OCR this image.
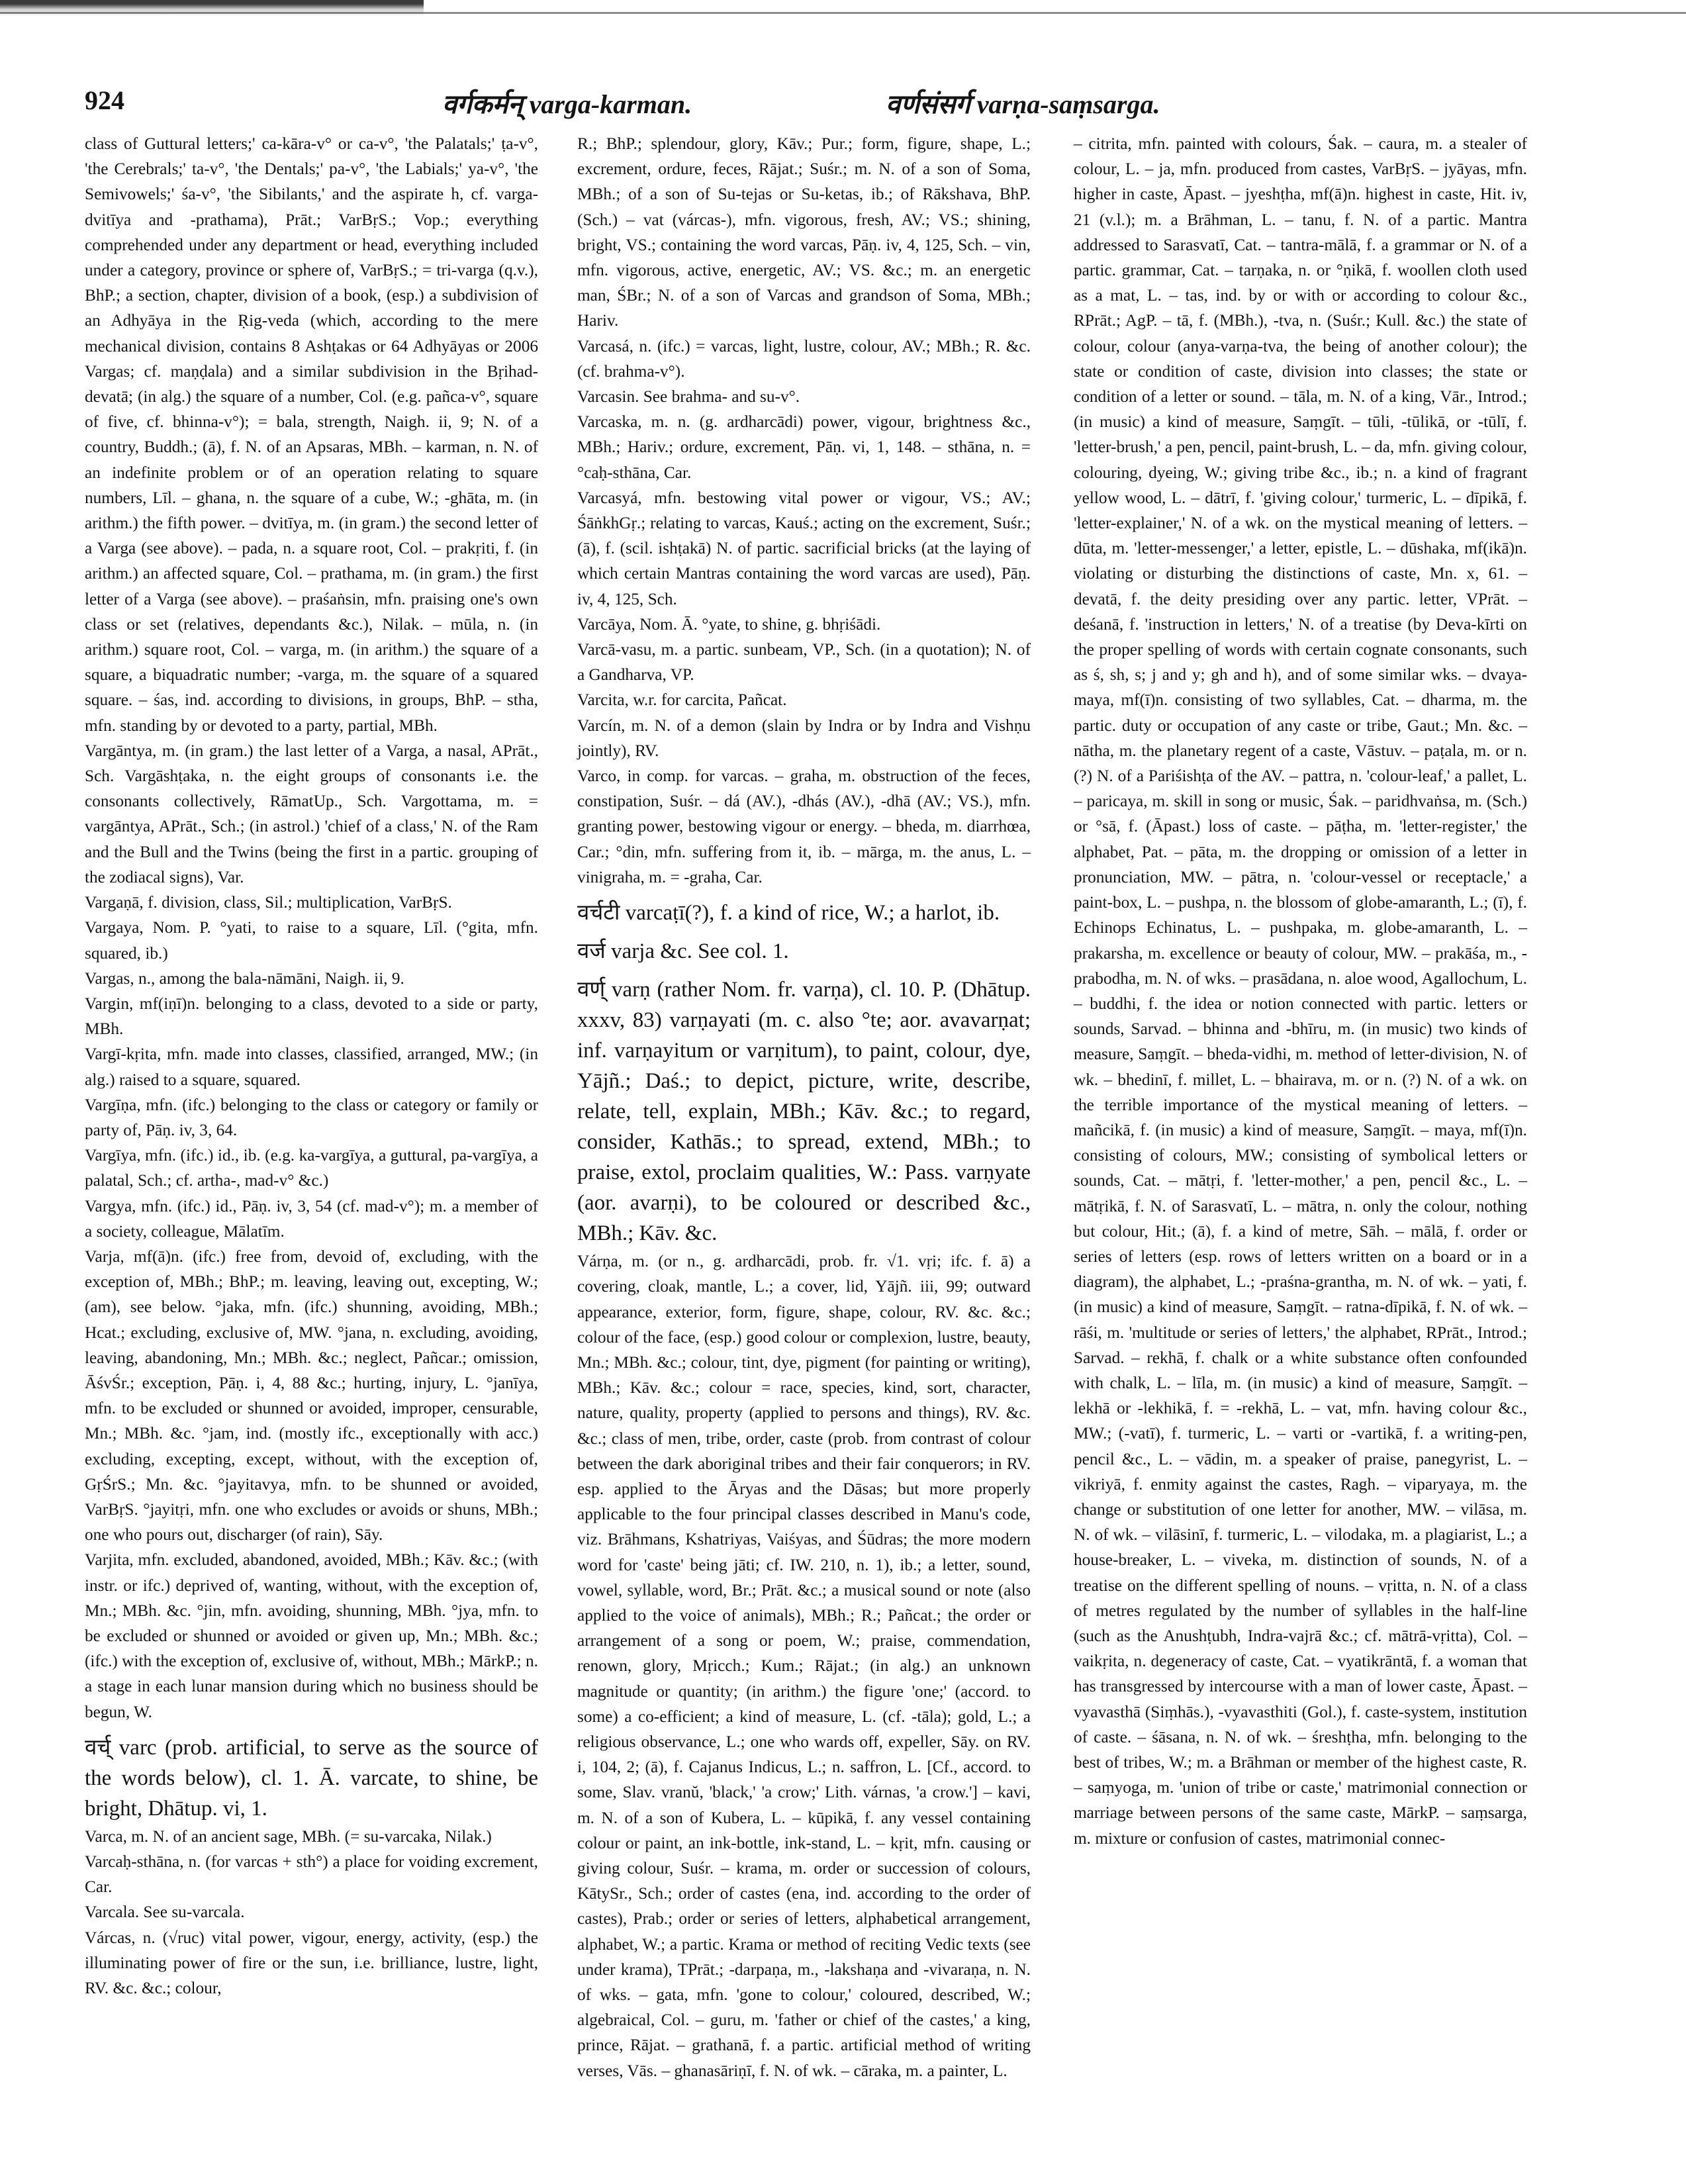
924	वर्गकर्मन् varga-karman.	वर्णसंसर्ग varṇa-saṃsarga.

class of Guttural letters;' ca-kāra-v° or ca-v°, 'the Palatals;' ṭa-v°, 'the Cerebrals;' ta-v°, 'the Dentals;' pa-v°, 'the Labials;' ya-v°, 'the Semivowels;' śa-v°, 'the Sibilants,' and the aspirate h, cf. varga-dvitīya and -prathama), Prāt.; VarBṛS.; Vop.; everything comprehended under any department or head, everything included under a category, province or sphere of, VarBṛS.; = tri-varga (q.v.), BhP.; a section, chapter, division of a book, (esp.) a subdivision of an Adhyāya in the Ṛig-veda (which, according to the mere mechanical division, contains 8 Ashṭakas or 64 Adhyāyas or 2006 Vargas; cf. maṇḍala) and a similar subdivision in the Bṛihad-devatā; (in alg.) the square of a number, Col. (e.g. pañca-v°, square of five, cf. bhinna-v°); = bala, strength, Naigh. ii, 9; N. of a country, Buddh.; (ā), f. N. of an Apsaras, MBh. – karman, n. N. of an indefinite problem or of an operation relating to square numbers, Līl. – ghana, n. the square of a cube, W.; -ghāta, m. (in arithm.) the fifth power. – dvitīya, m. (in gram.) the second letter of a Varga (see above). – pada, n. a square root, Col. – prakṛiti, f. (in arithm.) an affected square, Col. – prathama, m. (in gram.) the first letter of a Varga (see above). – praśaṅsin, mfn. praising one's own class or set (relatives, dependants &c.), Nilak. – mūla, n. (in arithm.) square root, Col. – varga, m. (in arithm.) the square of a square, a biquadratic number; -varga, m. the square of a squared square. – śas, ind. according to divisions, in groups, BhP. – stha, mfn. standing by or devoted to a party, partial, MBh.

Vargāntya, m. (in gram.) the last letter of a Varga, a nasal, APrāt., Sch. Vargāshṭaka, n. the eight groups of consonants i.e. the consonants collectively, RāmatUp., Sch. Vargottama, m. = vargāntya, APrāt., Sch.; (in astrol.) 'chief of a class,' N. of the Ram and the Bull and the Twins (being the first in a partic. grouping of the zodiacal signs), Var.

Vargaṇā, f. division, class, Sil.; multiplication, VarBṛS.

Vargaya, Nom. P. °yati, to raise to a square, Līl. (°gita, mfn. squared, ib.)

Vargas, n., among the bala-nāmāni, Naigh. ii, 9.

Vargin, mf(iṇī)n. belonging to a class, devoted to a side or party, MBh.

Vargī-kṛita, mfn. made into classes, classified, arranged, MW.; (in alg.) raised to a square, squared.

Vargīṇa, mfn. (ifc.) belonging to the class or category or family or party of, Pāṇ. iv, 3, 64.

Vargīya, mfn. (ifc.) id., ib. (e.g. ka-vargīya, a guttural, pa-vargīya, a palatal, Sch.; cf. artha-, mad-v° &c.)

Vargya, mfn. (ifc.) id., Pāṇ. iv, 3, 54 (cf. mad-v°); m. a member of a society, colleague, Mālatīm.

Varja, mf(ā)n. (ifc.) free from, devoid of, excluding, with the exception of, MBh.; BhP.; m. leaving, leaving out, excepting, W.; (am), see below. °jaka, mfn. (ifc.) shunning, avoiding, MBh.; Hcat.; excluding, exclusive of, MW. °jana, n. excluding, avoiding, leaving, abandoning, Mn.; MBh. &c.; neglect, Pañcar.; omission, ĀśvŚr.; exception, Pāṇ. i, 4, 88 &c.; hurting, injury, L. °janīya, mfn. to be excluded or shunned or avoided, improper, censurable, Mn.; MBh. &c. °jam, ind. (mostly ifc., exceptionally with acc.) excluding, excepting, except, without, with the exception of, GṛŚrS.; Mn. &c. °jayitavya, mfn. to be shunned or avoided, VarBṛS. °jayitṛi, mfn. one who excludes or avoids or shuns, MBh.; one who pours out, discharger (of rain), Sāy.

Varjita, mfn. excluded, abandoned, avoided, MBh.; Kāv. &c.; (with instr. or ifc.) deprived of, wanting, without, with the exception of, Mn.; MBh. &c. °jin, mfn. avoiding, shunning, MBh. °jya, mfn. to be excluded or shunned or avoided or given up, Mn.; MBh. &c.; (ifc.) with the exception of, exclusive of, without, MBh.; MārkP.; n. a stage in each lunar mansion during which no business should be begun, W.

वर्च् varc (prob. artificial, to serve as the source of the words below), cl. 1. Ā. varcate, to shine, be bright, Dhātup. vi, 1.

Varca, m. N. of an ancient sage, MBh. (= su-varcaka, Nilak.)

Varcaḥ-sthāna, n. (for varcas + sth°) a place for voiding excrement, Car.

Varcala. See su-varcala.

Várcas, n. (√ruc) vital power, vigour, energy, activity, (esp.) the illuminating power of fire or the sun, i.e. brilliance, lustre, light, RV. &c. &c.; colour,

R.; BhP.; splendour, glory, Kāv.; Pur.; form, figure, shape, L.; excrement, ordure, feces, Rājat.; Suśr.; m. N. of a son of Soma, MBh.; of a son of Su-tejas or Su-ketas, ib.; of Rākshava, BhP. (Sch.) – vat (várcas-), mfn. vigorous, fresh, AV.; VS.; shining, bright, VS.; containing the word varcas, Pāṇ. iv, 4, 125, Sch. – vin, mfn. vigorous, active, energetic, AV.; VS. &c.; m. an energetic man, ŚBr.; N. of a son of Varcas and grandson of Soma, MBh.; Hariv.

Varcasá, n. (ifc.) = varcas, light, lustre, colour, AV.; MBh.; R. &c. (cf. brahma-v°).

Varcasin. See brahma- and su-v°.

Varcaska, m. n. (g. ardharcādi) power, vigour, brightness &c., MBh.; Hariv.; ordure, excrement, Pāṇ. vi, 1, 148. – sthāna, n. = °caḥ-sthāna, Car.

Varcasyá, mfn. bestowing vital power or vigour, VS.; AV.; ŚāṅkhGṛ.; relating to varcas, Kauś.; acting on the excrement, Suśr.; (ā), f. (scil. ishṭakā) N. of partic. sacrificial bricks (at the laying of which certain Mantras containing the word varcas are used), Pāṇ. iv, 4, 125, Sch.

Varcāya, Nom. Ā. °yate, to shine, g. bhṛiśādi.

Varcā-vasu, m. a partic. sunbeam, VP., Sch. (in a quotation); N. of a Gandharva, VP.

Varcita, w.r. for carcita, Pañcat.

Varcín, m. N. of a demon (slain by Indra or by Indra and Vishṇu jointly), RV.

Varco, in comp. for varcas. – graha, m. obstruction of the feces, constipation, Suśr. – dá (AV.), -dhás (AV.), -dhā (AV.; VS.), mfn. granting power, bestowing vigour or energy. – bheda, m. diarrhœa, Car.; °din, mfn. suffering from it, ib. – mārga, m. the anus, L. – vinigraha, m. = -graha, Car.

वर्चटी varcaṭī(?), f. a kind of rice, W.; a harlot, ib.

वर्ज varja &c. See col. 1.

वर्ण् varṇ (rather Nom. fr. varṇa), cl. 10. P. (Dhātup. xxxv, 83) varṇayati (m. c. also °te; aor. avavarṇat; inf. varṇayitum or varṇitum), to paint, colour, dye, Yājñ.; Daś.; to depict, picture, write, describe, relate, tell, explain, MBh.; Kāv. &c.; to regard, consider, Kathās.; to spread, extend, MBh.; to praise, extol, proclaim qualities, W.: Pass. varṇyate (aor. avarṇi), to be coloured or described &c., MBh.; Kāv. &c.

Várṇa, m. (or n., g. ardharcādi, prob. fr. √1. vṛi; ifc. f. ā) a covering, cloak, mantle, L.; a cover, lid, Yājñ. iii, 99; outward appearance, exterior, form, figure, shape, colour, RV. &c. &c.; colour of the face, (esp.) good colour or complexion, lustre, beauty, Mn.; MBh. &c.; colour, tint, dye, pigment (for painting or writing), MBh.; Kāv. &c.; colour = race, species, kind, sort, character, nature, quality, property (applied to persons and things), RV. &c. &c.; class of men, tribe, order, caste (prob. from contrast of colour between the dark aboriginal tribes and their fair conquerors; in RV. esp. applied to the Āryas and the Dāsas; but more properly applicable to the four principal classes described in Manu's code, viz. Brāhmans, Kshatriyas, Vaiśyas, and Śūdras; the more modern word for 'caste' being jāti; cf. IW. 210, n. 1), ib.; a letter, sound, vowel, syllable, word, Br.; Prāt. &c.; a musical sound or note (also applied to the voice of animals), MBh.; R.; Pañcat.; the order or arrangement of a song or poem, W.; praise, commendation, renown, glory, Mṛicch.; Kum.; Rājat.; (in alg.) an unknown magnitude or quantity; (in arithm.) the figure 'one;' (accord. to some) a co-efficient; a kind of measure, L. (cf. -tāla); gold, L.; a religious observance, L.; one who wards off, expeller, Sāy. on RV. i, 104, 2; (ā), f. Cajanus Indicus, L.; n. saffron, L. [Cf., accord. to some, Slav. vranŭ, 'black,' 'a crow;' Lith. várnas, 'a crow.'] – kavi, m. N. of a son of Kubera, L. – kūpikā, f. any vessel containing colour or paint, an ink-bottle, ink-stand, L. – kṛit, mfn. causing or giving colour, Suśr. – krama, m. order or succession of colours, KātySr., Sch.; order of castes (ena, ind. according to the order of castes), Prab.; order or series of letters, alphabetical arrangement, alphabet, W.; a partic. Krama or method of reciting Vedic texts (see under krama), TPrāt.; -darpaṇa, m., -lakshaṇa and -vivaraṇa, n. N. of wks. – gata, mfn. 'gone to colour,' coloured, described, W.; algebraical, Col. – guru, m. 'father or chief of the castes,' a king, prince, Rājat. – grathanā, f. a partic. artificial method of writing verses, Vās. – ghanasāriṇī, f. N. of wk. – cāraka, m. a painter, L.

– citrita, mfn. painted with colours, Śak. – caura, m. a stealer of colour, L. – ja, mfn. produced from castes, VarBṛS. – jyāyas, mfn. higher in caste, Āpast. – jyeshṭha, mf(ā)n. highest in caste, Hit. iv, 21 (v.l.); m. a Brāhman, L. – tanu, f. N. of a partic. Mantra addressed to Sarasvatī, Cat. – tantra-mālā, f. a grammar or N. of a partic. grammar, Cat. – tarṇaka, n. or °ṇikā, f. woollen cloth used as a mat, L. – tas, ind. by or with or according to colour &c., RPrāt.; AgP. – tā, f. (MBh.), -tva, n. (Suśr.; Kull. &c.) the state of colour, colour (anya-varṇa-tva, the being of another colour); the state or condition of caste, division into classes; the state or condition of a letter or sound. – tāla, m. N. of a king, Vār., Introd.; (in music) a kind of measure, Saṃgīt. – tūli, -tūlikā, or -tūlī, f. 'letter-brush,' a pen, pencil, paint-brush, L. – da, mfn. giving colour, colouring, dyeing, W.; giving tribe &c., ib.; n. a kind of fragrant yellow wood, L. – dātrī, f. 'giving colour,' turmeric, L. – dīpikā, f. 'letter-explainer,' N. of a wk. on the mystical meaning of letters. – dūta, m. 'letter-messenger,' a letter, epistle, L. – dūshaka, mf(ikā)n. violating or disturbing the distinctions of caste, Mn. x, 61. – devatā, f. the deity presiding over any partic. letter, VPrāt. – deśanā, f. 'instruction in letters,' N. of a treatise (by Deva-kīrti on the proper spelling of words with certain cognate consonants, such as ś, sh, s; j and y; gh and h), and of some similar wks. – dvaya-maya, mf(ī)n. consisting of two syllables, Cat. – dharma, m. the partic. duty or occupation of any caste or tribe, Gaut.; Mn. &c. – nātha, m. the planetary regent of a caste, Vāstuv. – paṭala, m. or n. (?) N. of a Pariśishṭa of the AV. – pattra, n. 'colour-leaf,' a pallet, L. – paricaya, m. skill in song or music, Śak. – paridhvaṅsa, m. (Sch.) or °sā, f. (Āpast.) loss of caste. – pāṭha, m. 'letter-register,' the alphabet, Pat. – pāta, m. the dropping or omission of a letter in pronunciation, MW. – pātra, n. 'colour-vessel or receptacle,' a paint-box, L. – pushpa, n. the blossom of globe-amaranth, L.; (ī), f. Echinops Echinatus, L. – pushpaka, m. globe-amaranth, L. – prakarsha, m. excellence or beauty of colour, MW. – prakāśa, m., -prabodha, m. N. of wks. – prasādana, n. aloe wood, Agallochum, L. – buddhi, f. the idea or notion connected with partic. letters or sounds, Sarvad. – bhinna and -bhīru, m. (in music) two kinds of measure, Saṃgīt. – bheda-vidhi, m. method of letter-division, N. of wk. – bhedinī, f. millet, L. – bhairava, m. or n. (?) N. of a wk. on the terrible importance of the mystical meaning of letters. – mañcikā, f. (in music) a kind of measure, Saṃgīt. – maya, mf(ī)n. consisting of colours, MW.; consisting of symbolical letters or sounds, Cat. – mātṛi, f. 'letter-mother,' a pen, pencil &c., L. – mātṛikā, f. N. of Sarasvatī, L. – mātra, n. only the colour, nothing but colour, Hit.; (ā), f. a kind of metre, Sāh. – mālā, f. order or series of letters (esp. rows of letters written on a board or in a diagram), the alphabet, L.; -praśna-grantha, m. N. of wk. – yati, f. (in music) a kind of measure, Saṃgīt. – ratna-dīpikā, f. N. of wk. – rāśi, m. 'multitude or series of letters,' the alphabet, RPrāt., Introd.; Sarvad. – rekhā, f. chalk or a white substance often confounded with chalk, L. – līla, m. (in music) a kind of measure, Saṃgīt. – lekhā or -lekhikā, f. = -rekhā, L. – vat, mfn. having colour &c., MW.; (-vatī), f. turmeric, L. – varti or -vartikā, f. a writing-pen, pencil &c., L. – vādin, m. a speaker of praise, panegyrist, L. – vikriyā, f. enmity against the castes, Ragh. – viparyaya, m. the change or substitution of one letter for another, MW. – vilāsa, m. N. of wk. – vilāsinī, f. turmeric, L. – vilodaka, m. a plagiarist, L.; a house-breaker, L. – viveka, m. distinction of sounds, N. of a treatise on the different spelling of nouns. – vṛitta, n. N. of a class of metres regulated by the number of syllables in the half-line (such as the Anushṭubh, Indra-vajrā &c.; cf. mātrā-vṛitta), Col. – vaikṛita, n. degeneracy of caste, Cat. – vyatikrāntā, f. a woman that has transgressed by intercourse with a man of lower caste, Āpast. – vyavasthā (Siṃhās.), -vyavasthiti (Gol.), f. caste-system, institution of caste. – śāsana, n. N. of wk. – śreshṭha, mfn. belonging to the best of tribes, W.; m. a Brāhman or member of the highest caste, R. – saṃyoga, m. 'union of tribe or caste,' matrimonial connection or marriage between persons of the same caste, MārkP. – saṃsarga, m. mixture or confusion of castes, matrimonial connec-
